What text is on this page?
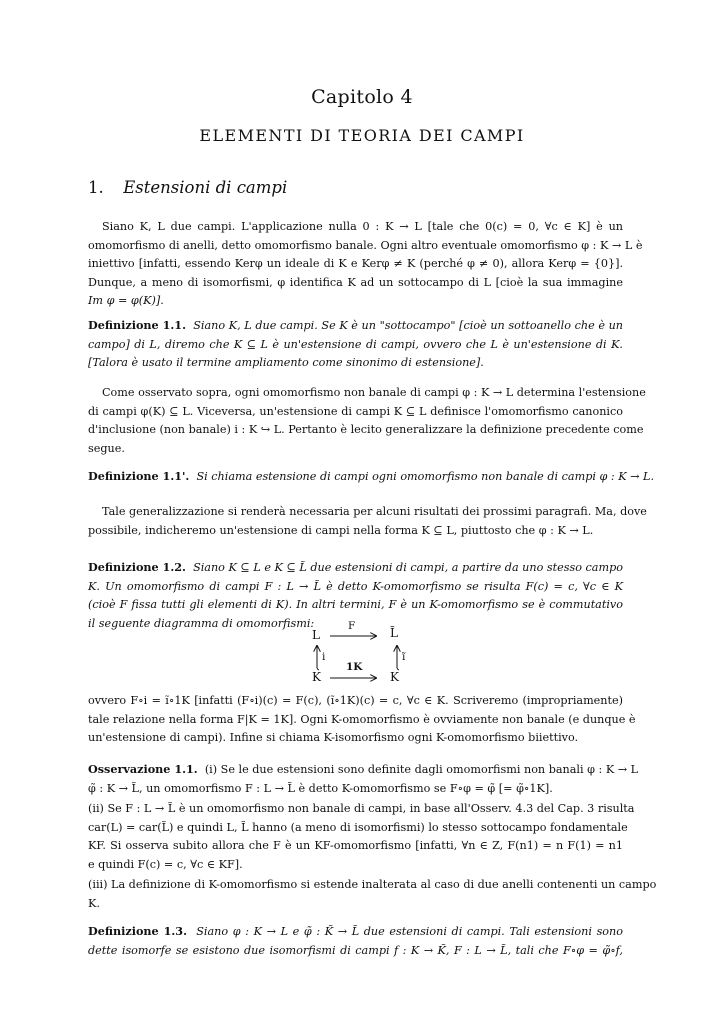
Capitolo 4
ELEMENTI DI TEORIA DEI CAMPI
1. Estensioni di campi
Siano K, L due campi. L'applicazione nulla 0 : K → L [tale che 0(c) = 0, ∀c ∈ K] è un
omomorfismo di anelli, detto omomorfismo banale. Ogni altro eventuale omomorfismo φ : K → L è
iniettivo [infatti, essendo Kerφ un ideale di K e Kerφ ≠ K (perché φ ≠ 0), allora Kerφ = {0}].
Dunque, a meno di isomorfismi, φ identifica K ad un sottocampo di L [cioè la sua immagine
Im φ = φ(K)].
Definizione 1.1. Siano K, L due campi. Se K è un "sottocampo" [cioè un sottoanello che è un
campo] di L, diremo che K ⊆ L è un'estensione di campi, ovvero che L è un'estensione di K.
[Talora è usato il termine ampliamento come sinonimo di estensione].
Come osservato sopra, ogni omomorfismo non banale di campi φ : K → L determina l'estensione
di campi φ(K) ⊆ L. Viceversa, un'estensione di campi K ⊆ L definisce l'omomorfismo canonico
d'inclusione (non banale) i : K ↪ L. Pertanto è lecito generalizzare la definizione precedente come
segue.
Definizione 1.1'. Si chiama estensione di campi ogni omomorfismo non banale di campi φ : K → L.
Tale generalizzazione si renderà necessaria per alcuni risultati dei prossimi paragrafi. Ma, dove
possibile, indicheremo un'estensione di campi nella forma K ⊆ L, piuttosto che φ : K → L.
Definizione 1.2. Siano K ⊆ L e K ⊆ L̃ due estensioni di campi, a partire da uno stesso campo
K. Un omomorfismo di campi F : L → L̃ è detto K-omomorfismo se risulta F(c) = c, ∀c ∈ K
(cioè F fissa tutti gli elementi di K). In altri termini, F è un K-omomorfismo se è commutativo
il seguente diagramma di omomorfismi:
L	L̃
F
K	K
1K
i	ĩ
ovvero F∘i = ĩ∘1K [infatti (F∘i)(c) = F(c), (ĩ∘1K)(c) = c, ∀c ∈ K. Scriveremo (impropriamente)
tale relazione nella forma F|K = 1K]. Ogni K-omomorfismo è ovviamente non banale (e dunque è
un'estensione di campi). Infine si chiama K-isomorfismo ogni K-omomorfismo biiettivo.
Osservazione 1.1. (i) Se le due estensioni sono definite dagli omomorfismi non banali φ : K → L
φ̃ : K → L̃, un omomorfismo F : L → L̃ è detto K-omomorfismo se F∘φ = φ̃ [= φ̃∘1K].
(ii) Se F : L → L̃ è un omomorfismo non banale di campi, in base all'Osserv. 4.3 del Cap. 3 risulta
car(L) = car(L̃) e quindi L, L̃ hanno (a meno di isomorfismi) lo stesso sottocampo fondamentale
KF. Si osserva subito allora che F è un KF-omomorfismo [infatti, ∀n ∈ Z, F(n1) = n F(1) = n1
e quindi F(c) = c, ∀c ∈ KF].
(iii) La definizione di K-omomorfismo si estende inalterata al caso di due anelli contenenti un campo
K.
Definizione 1.3. Siano φ : K → L e φ̃ : K̃ → L̃ due estensioni di campi. Tali estensioni sono
dette isomorfe se esistono due isomorfismi di campi f : K → K̃, F : L → L̃, tali che F∘φ = φ̃∘f,
